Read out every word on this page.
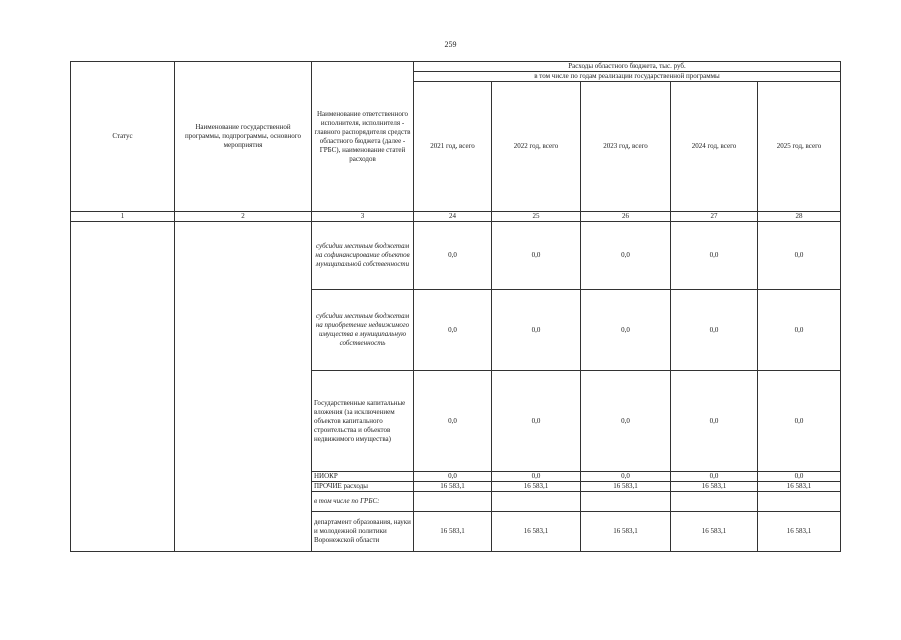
259
Статус	Наименование государственной программы, подпрограммы, основного мероприятия	Наименование ответственного исполнителя, исполнителя - главного распорядителя средств областного бюджета (далее - ГРБС), наименование статей расходов	Расходы областного бюджета, тыс. руб.				
			в том числе по годам реализации государственной программы				
			2021 год, всего	2022 год, всего	2023 год, всего	2024 год, всего	2025 год, всего
1	2	3	24	25	26	27	28
		субсидии местным бюджетам на софинансирование объектов муниципальной собственности	0,0	0,0	0,0	0,0	0,0
		субсидии местным бюджетам на приобретение недвижимого имущества в муниципальную собственность	0,0	0,0	0,0	0,0	0,0
		Государственные капитальные вложения (за исключением объектов капитального строительства и объектов недвижимого имущества)	0,0	0,0	0,0	0,0	0,0
		НИОКР	0,0	0,0	0,0	0,0	0,0
		ПРОЧИЕ расходы	16 583,1	16 583,1	16 583,1	16 583,1	16 583,1
		в том числе по ГРБС:					
		департамент образования, науки и молодежной политики Воронежской области	16 583,1	16 583,1	16 583,1	16 583,1	16 583,1
